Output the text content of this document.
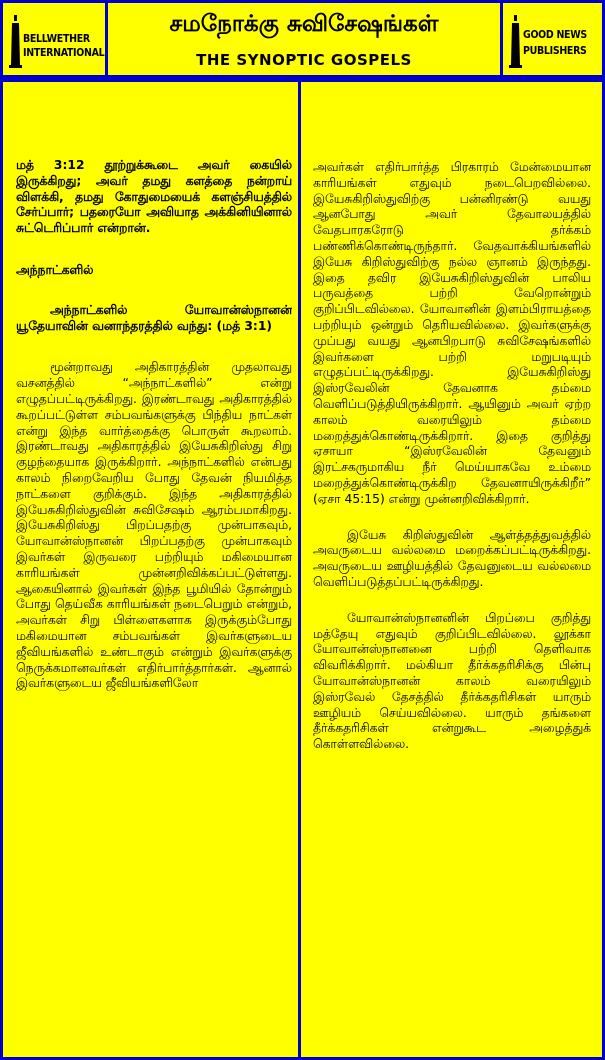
BELLWETHER
INTERNATIONAL
சமநோக்கு சுவிசேஷங்கள்
THE SYNOPTIC GOSPELS
GOOD NEWS
PUBLISHERS

மத் 3:12 தூற்றுக்கூடை அவர் கையில் இருக்கிறது; அவர் தமது களத்தை நன்றாய் விளக்கி, தமது கோதுமையைக் களஞ்சியத்தில் சேர்ப்பார்; பதரையோ அவியாத அக்கினியினால் சுட்டெரிப்பார் என்றான்.

அந்நாட்களில்

அந்நாட்களில் யோவான்ஸ்நானன் யூதேயாவின் வனாந்தரத்தில் வந்து: (மத் 3:1)

மூன்றாவது அதிகாரத்தின் முதலாவது வசனத்தில் “அந்நாட்களில்” என்று எழுதப்பட்டிருக்கிறது. இரண்டாவது அதிகாரத்தில் கூறப்பட்டுள்ள சம்பவங்களுக்கு பிந்திய நாட்கள் என்று இந்த வார்த்தைக்கு பொருள் கூறலாம். இரண்டாவது அதிகாரத்தில் இயேசுகிறிஸ்து சிறு குழந்தையாக இருக்கிறார். அந்நாட்களில் என்பது காலம் நிறைவேறிய போது தேவன் நியமித்த நாட்களை குறிக்கும். இந்த அதிகாரத்தில் இயேசுகிறிஸ்துவின் சுவிசேஷம் ஆரம்பமாகிறது. இயேசுகிறிஸ்து பிறப்பதற்கு முன்பாகவும், யோவான்ஸ்நானன் பிறப்பதற்கு முன்பாகவும் இவர்கள் இருவரை பற்றியும் மகிமையான காரியங்கள் முன்னறிவிக்கப்பட்டுள்ளது. ஆகையினால் இவர்கள் இந்த பூமியில் தோன்றும் போது தெய்வீக காரியங்கள் நடைபெறும் என்றும், அவர்கள் சிறு பிள்ளைகளாக இருக்கும்போது மகிமையான சம்பவங்கள் இவர்களுடைய ஜீவியங்களில் உண்டாகும் என்றும் இவர்களுக்கு நெருக்கமானவர்கள் எதிர்பார்த்தார்கள். ஆனால் இவர்களுடைய ஜீவியங்களிலோ

அவர்கள் எதிர்பார்த்த பிரகாரம் மேன்மையான காரியங்கள் எதுவும் நடைபெறவில்லை. இயேசுகிறிஸ்துவிற்கு பன்னிரண்டு வயது ஆனபோது அவர் தேவாலயத்தில் வேதபாரகரோடு தர்க்கம் பண்ணிக்கொண்டிருந்தார். வேதவாக்கியங்களில் இயேசு கிறிஸ்துவிற்கு நல்ல ஞானம் இருந்தது. இதை தவிர இயேசுகிறிஸ்துவின் பாலிய பருவத்தை பற்றி வேறொன்றும் குறிப்பிடவில்லை. யோவானின் இளம்பிராயத்தை பற்றியும் ஒன்றும் தெரியவில்லை. இவர்களுக்கு முப்பது வயது ஆனபிறபாடு சுவிசேஷங்களில் இவர்களை பற்றி மறுபடியும் எழுதப்பட்டிருக்கிறது. இயேசுகிறிஸ்து இஸ்ரவேலின் தேவனாக தம்மை வெளிப்படுத்தியிருக்கிறார். ஆயினும் அவர் ஏற்ற காலம் வரையிலும் தம்மை மறைத்துக்கொண்டிருக்கிறார். இதை குறித்து ஏசாயா “இஸ்ரவேலின் தேவனும் இரட்சகருமாகிய நீர் மெய்யாகவே உம்மை மறைத்துக்கொண்டிருக்கிற தேவனாயிருக்கிறீர்” (ஏசா 45:15) என்று முன்னறிவிக்கிறார்.

இயேசு கிறிஸ்துவின் ஆள்த்தத்துவத்தில் அவருடைய வல்லமை மறைக்கப்பட்டிருக்கிறது. அவருடைய ஊழியத்தில் தேவனுடைய வல்லமை வெளிப்படுத்தப்பட்டிருக்கிறது.

யோவான்ஸ்நானனின் பிறப்பை குறித்து மத்தேயு எதுவும் குறிப்பிடவில்லை. லூக்கா யோவான்ஸ்நானனை பற்றி தெளிவாக விவரிக்கிறார். மல்கியா தீர்க்கதரிசிக்கு பின்பு யோவான்ஸ்நானன் காலம் வரையிலும் இஸ்ரவேல் தேசத்தில் தீர்க்கதரிசிகள் யாரும் ஊழியம் செய்யவில்லை. யாரும் தங்களை தீர்க்கதரிசிகள் என்றுகூட அழைத்துக் கொள்ளவில்லை.
